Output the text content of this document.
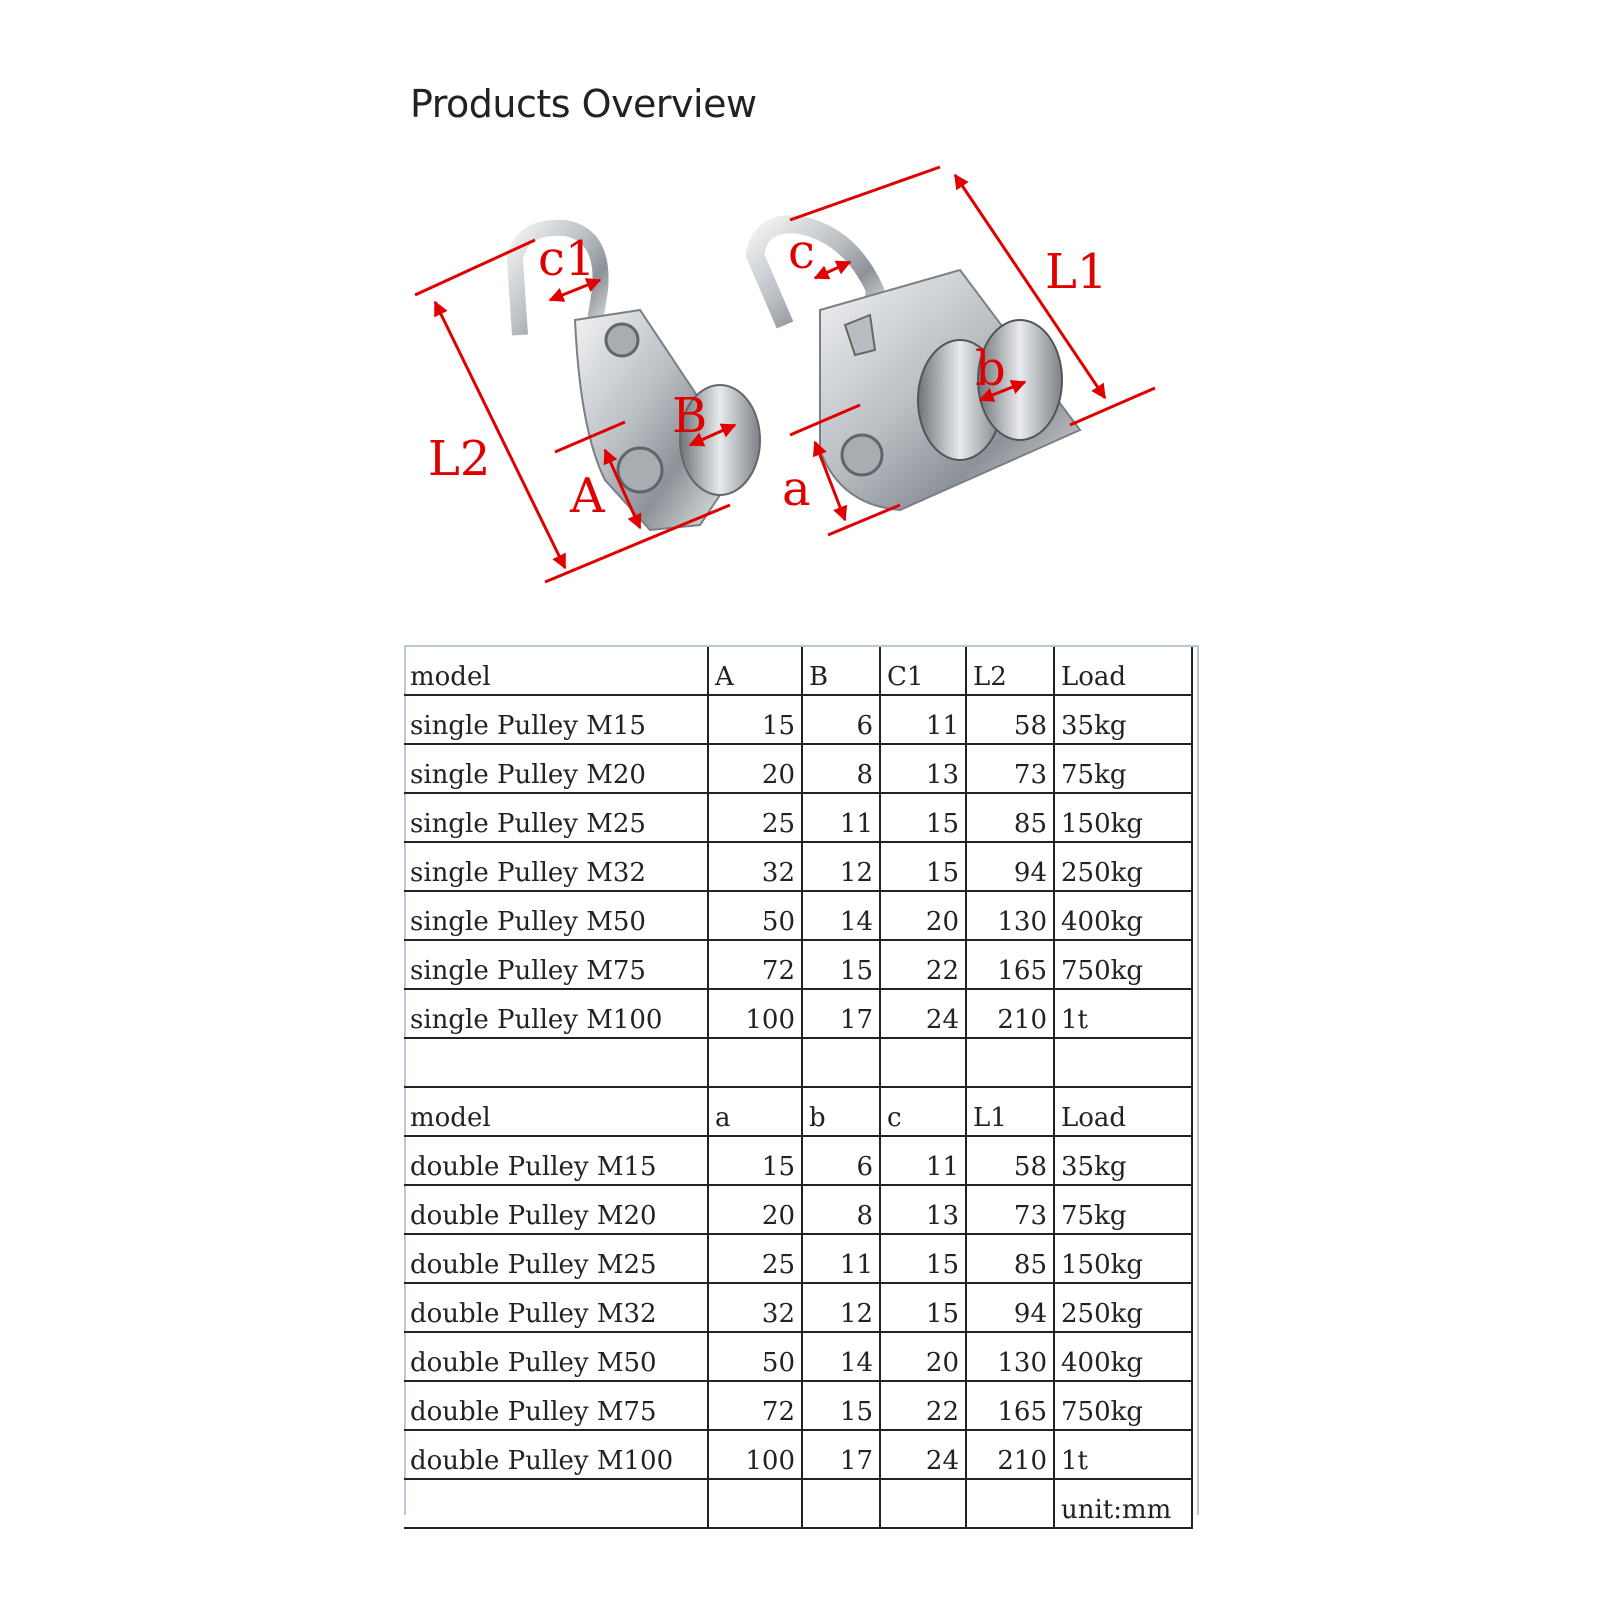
Products Overview
c1
L2
B
A
c	L1
b
a
model	A	B	C1	L2	Load
single Pulley M15	15	6	11	58	35kg
single Pulley M20	20	8	13	73	75kg
single Pulley M25	25	11	15	85	150kg
single Pulley M32	32	12	15	94	250kg
single Pulley M50	50	14	20	130	400kg
single Pulley M75	72	15	22	165	750kg
single Pulley M100	100	17	24	210	1t

model	a	b	c	L1	Load
double Pulley M15	15	6	11	58	35kg
double Pulley M20	20	8	13	73	75kg
double Pulley M25	25	11	15	85	150kg
double Pulley M32	32	12	15	94	250kg
double Pulley M50	50	14	20	130	400kg
double Pulley M75	72	15	22	165	750kg
double Pulley M100	100	17	24	210	1t
					unit:mm
